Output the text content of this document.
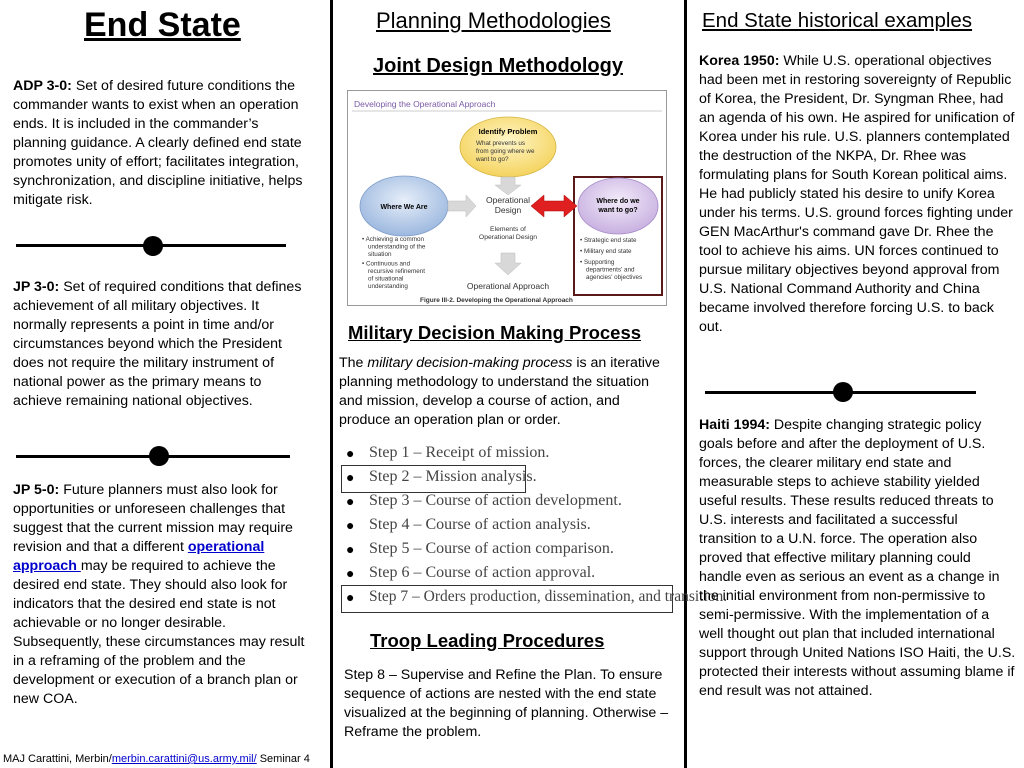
End State
ADP 3-0: Set of desired future conditions the commander wants to exist when an operation ends. It is included in the commander’s planning guidance. A clearly defined end state promotes unity of effort; facilitates integration, synchronization, and discipline initiative, helps mitigate risk.
JP 3-0: Set of required conditions that defines achievement of all military objectives. It normally represents a point in time and/or circumstances beyond which the President does not require the military instrument of national power as the primary means to achieve remaining national objectives.
JP 5-0: Future planners must also look for opportunities or unforeseen challenges that suggest that the current mission may require revision and that a different operational approach may be required to achieve the desired end state. They should also look for indicators that the desired end state is not achievable or no longer desirable. Subsequently, these circumstances may result in a reframing of the problem and the development or execution of a branch plan or new COA.
MAJ Carattini, Merbin/merbin.carattini@us.army.mil/ Seminar 4
Planning Methodologies
Joint Design Methodology
Developing the Operational Approach
Identify Problem
What prevents us from going where we want to go?
Where We Are
Operational Design
Elements of Operational Design
Operational Approach
Where do we want to go?
• Achieving a common understanding of the situation • Continuous and recursive refinement of situational understanding
• Strategic end state • Military end state • Supporting departments' and agencies' objectives
Figure III-2. Developing the Operational Approach
Military Decision Making Process
The military decision-making process is an iterative planning methodology to understand the situation and mission, develop a course of action, and produce an operation plan or order.
● Step 1 – Receipt of mission.
● Step 2 – Mission analysis.
● Step 3 – Course of action development.
● Step 4 – Course of action analysis.
● Step 5 – Course of action comparison.
● Step 6 – Course of action approval.
● Step 7 – Orders production, dissemination, and transition.
Troop Leading Procedures
Step 8 – Supervise and Refine the Plan. To ensure sequence of actions are nested with the end state visualized at the beginning of planning. Otherwise – Reframe the problem.
End State historical examples
Korea 1950: While U.S. operational objectives had been met in restoring sovereignty of Republic of Korea, the President, Dr. Syngman Rhee, had an agenda of his own. He aspired for unification of Korea under his rule. U.S. planners contemplated the destruction of the NKPA, Dr. Rhee was formulating plans for South Korean political aims. He had publicly stated his desire to unify Korea under his terms. U.S. ground forces fighting under GEN MacArthur's command gave Dr. Rhee the tool to achieve his aims. UN forces continued to pursue military objectives beyond approval from U.S. National Command Authority and China became involved therefore forcing U.S. to back out.
Haiti 1994: Despite changing strategic policy goals before and after the deployment of U.S. forces, the clearer military end state and measurable steps to achieve stability yielded useful results. These results reduced threats to U.S. interests and facilitated a successful transition to a U.N. force. The operation also proved that effective military planning could handle even as serious an event as a change in the initial environment from non-permissive to semi-permissive. With the implementation of a well thought out plan that included international support through United Nations ISO Haiti, the U.S. protected their interests without assuming blame if end result was not attained.
